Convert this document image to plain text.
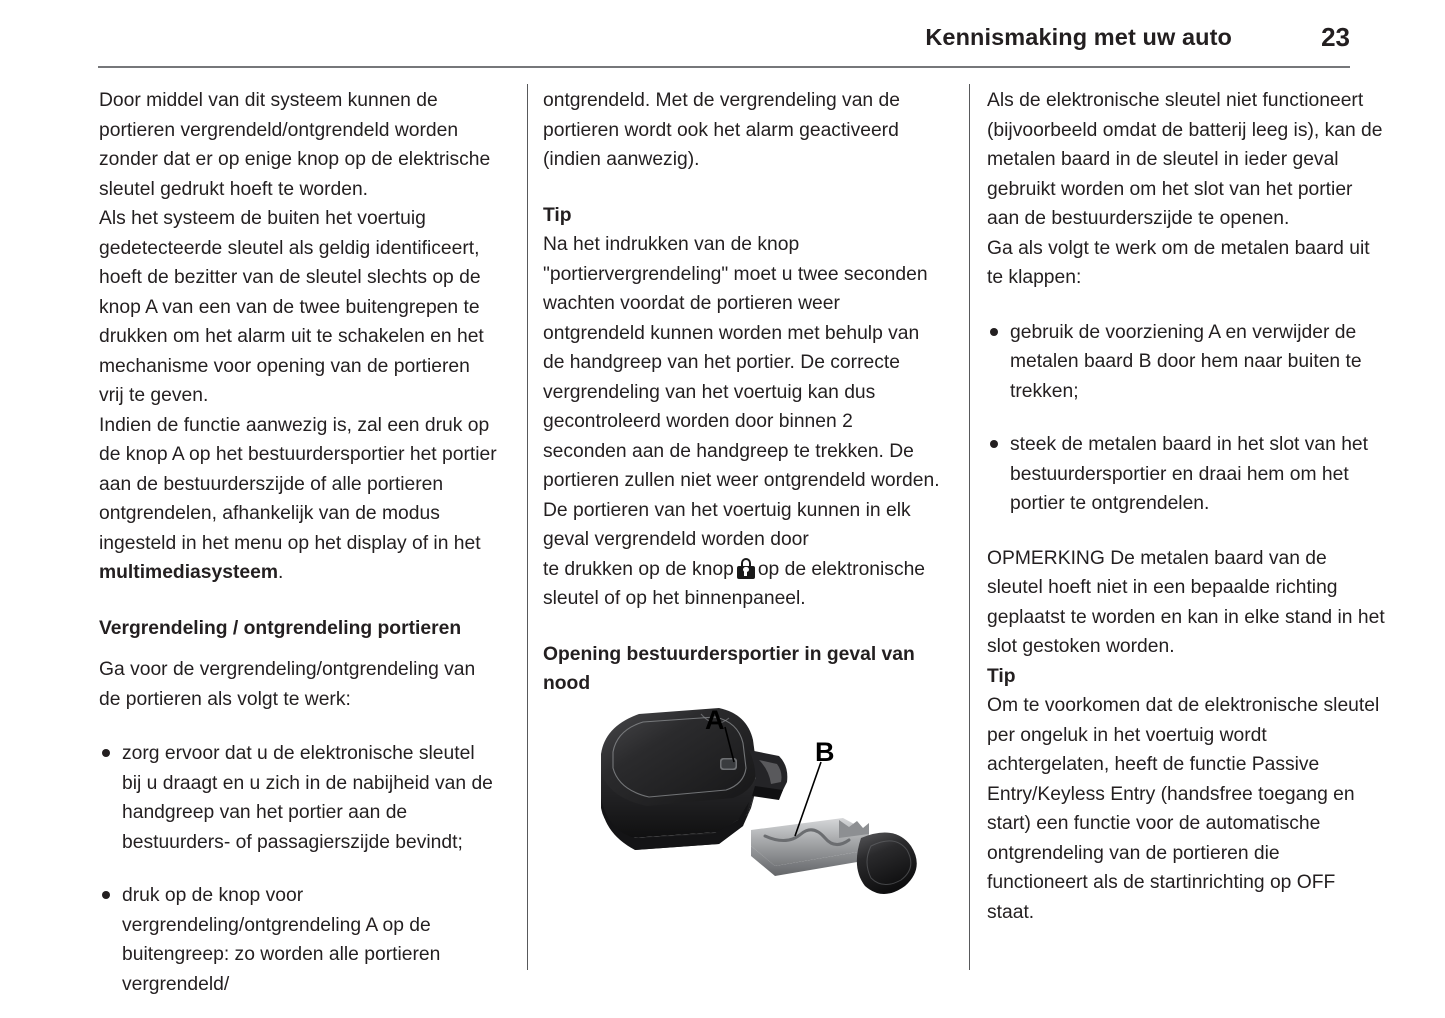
Kennismaking met uw auto	23

Door middel van dit systeem kunnen de portieren vergrendeld/ontgrendeld worden zonder dat er op enige knop op de elektrische sleutel gedrukt hoeft te worden.

Als het systeem de buiten het voertuig gedetecteerde sleutel als geldig identificeert, hoeft de bezitter van de sleutel slechts op de knop A van een van de twee buitengrepen te drukken om het alarm uit te schakelen en het mechanisme voor opening van de portieren vrij te geven.

Indien de functie aanwezig is, zal een druk op de knop A op het bestuurdersportier het portier aan de bestuurderszijde of alle portieren ontgrendelen, afhankelijk van de modus ingesteld in het menu op het display of in het multimediasysteem.

Vergrendeling / ontgrendeling portieren

Ga voor de vergrendeling/ontgrendeling van de portieren als volgt te werk:

zorg ervoor dat u de elektronische sleutel bij u draagt en u zich in de nabijheid van de handgreep van het portier aan de bestuurders- of passagierszijde bevindt;
druk op de knop voor vergrendeling/ontgrendeling A op de buitengreep: zo worden alle portieren vergrendeld/

ontgrendeld. Met de vergrendeling van de portieren wordt ook het alarm geactiveerd (indien aanwezig).

Tip

Na het indrukken van de knop "portiervergrendeling" moet u twee seconden wachten voordat de portieren weer ontgrendeld kunnen worden met behulp van de handgreep van het portier. De correcte vergrendeling van het voertuig kan dus gecontroleerd worden door binnen 2 seconden aan de handgreep te trekken. De portieren zullen niet weer ontgrendeld worden.

De portieren van het voertuig kunnen in elk geval vergrendeld worden door

te drukken op de knop op de elektronische sleutel of op het binnenpaneel.

Opening bestuurdersportier in geval van nood
A
B

Als de elektronische sleutel niet functioneert (bijvoorbeeld omdat de batterij leeg is), kan de metalen baard in de sleutel in ieder geval gebruikt worden om het slot van het portier aan de bestuurderszijde te openen.

Ga als volgt te werk om de metalen baard uit te klappen:

gebruik de voorziening A en verwijder de metalen baard B door hem naar buiten te trekken;
steek de metalen baard in het slot van het bestuurdersportier en draai hem om het portier te ontgrendelen.

OPMERKING De metalen baard van de sleutel hoeft niet in een bepaalde richting geplaatst te worden en kan in elke stand in het slot gestoken worden.

Tip

Om te voorkomen dat de elektronische sleutel per ongeluk in het voertuig wordt achtergelaten, heeft de functie Passive Entry/Keyless Entry (handsfree toegang en start) een functie voor de automatische ontgrendeling van de portieren die functioneert als de startinrichting op OFF staat.
